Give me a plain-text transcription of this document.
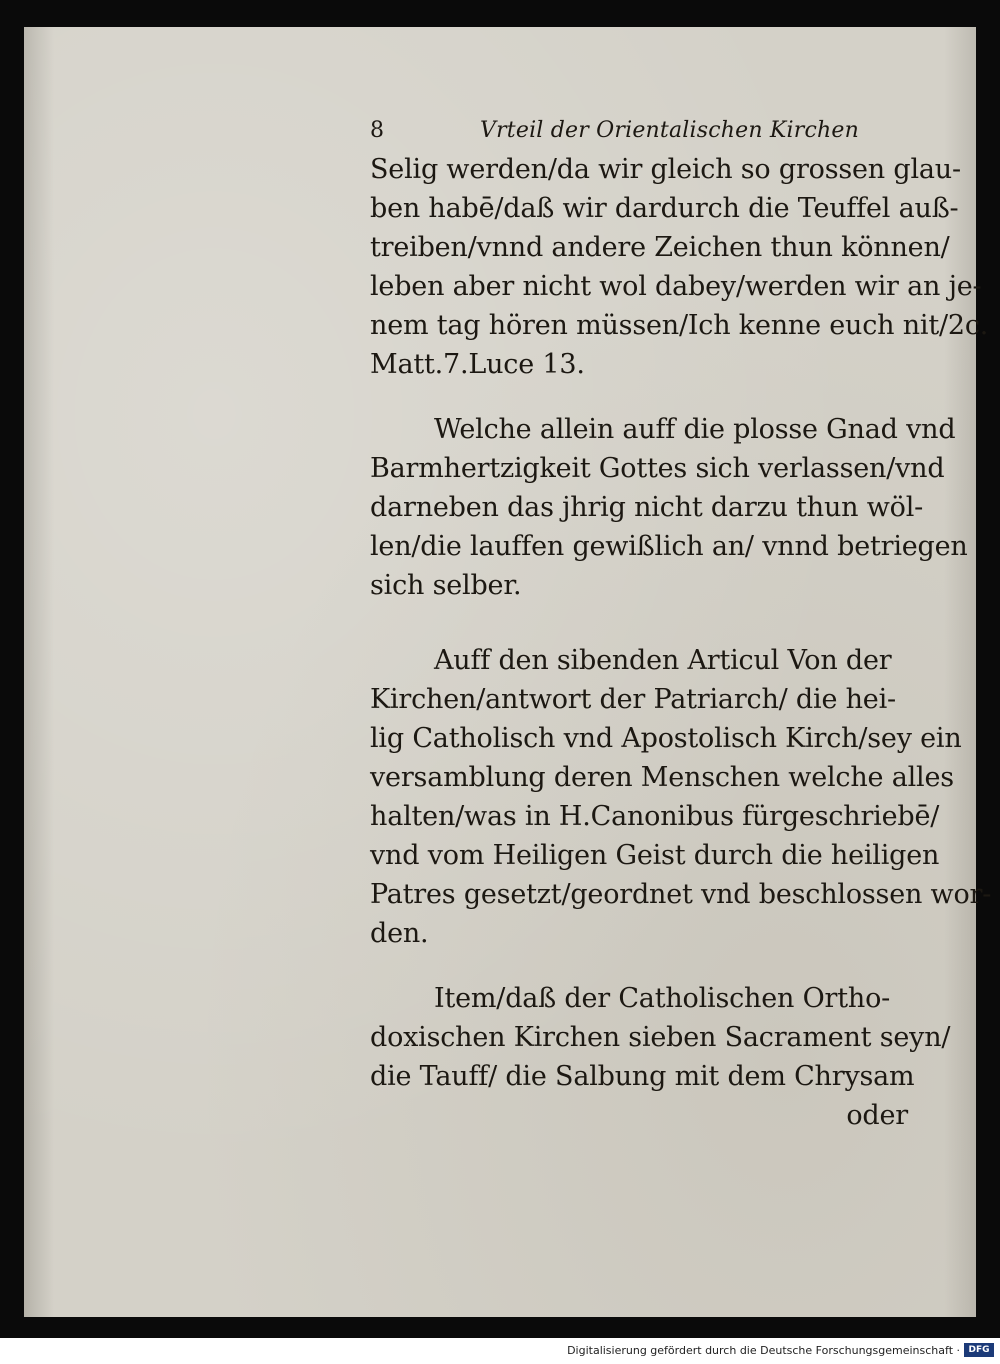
8	Vrteil der Orientalischen Kirchen
Selig werden/da wir gleich so grossen glau-
ben habē/daß wir dardurch die Teuffel auß-
treiben/vnnd andere Zeichen thun können/
leben aber nicht wol dabey/werden wir an je-
nem tag hören müssen/Ich kenne euch nit/2c.
Matt.7.Luce 13.
Welche allein auff die plosse Gnad vnd
Barmhertzigkeit Gottes sich verlassen/vnd
darneben das jhrig nicht darzu thun wöl-
len/die lauffen gewißlich an/ vnnd betriegen
sich selber.
Auff den sibenden Articul Von der
Kirchen/antwort der Patriarch/ die hei-
lig Catholisch vnd Apostolisch Kirch/sey ein
versamblung deren Menschen welche alles
halten/was in H.Canonibus fürgeschriebē/
vnd vom Heiligen Geist durch die heiligen
Patres gesetzt/geordnet vnd beschlossen wor-
den.
Item/daß der Catholischen Ortho-
doxischen Kirchen sieben Sacrament seyn/
die Tauff/ die Salbung mit dem Chrysam
oder
Digitalisierung gefördert durch die Deutsche Forschungsgemeinschaft · DFG
